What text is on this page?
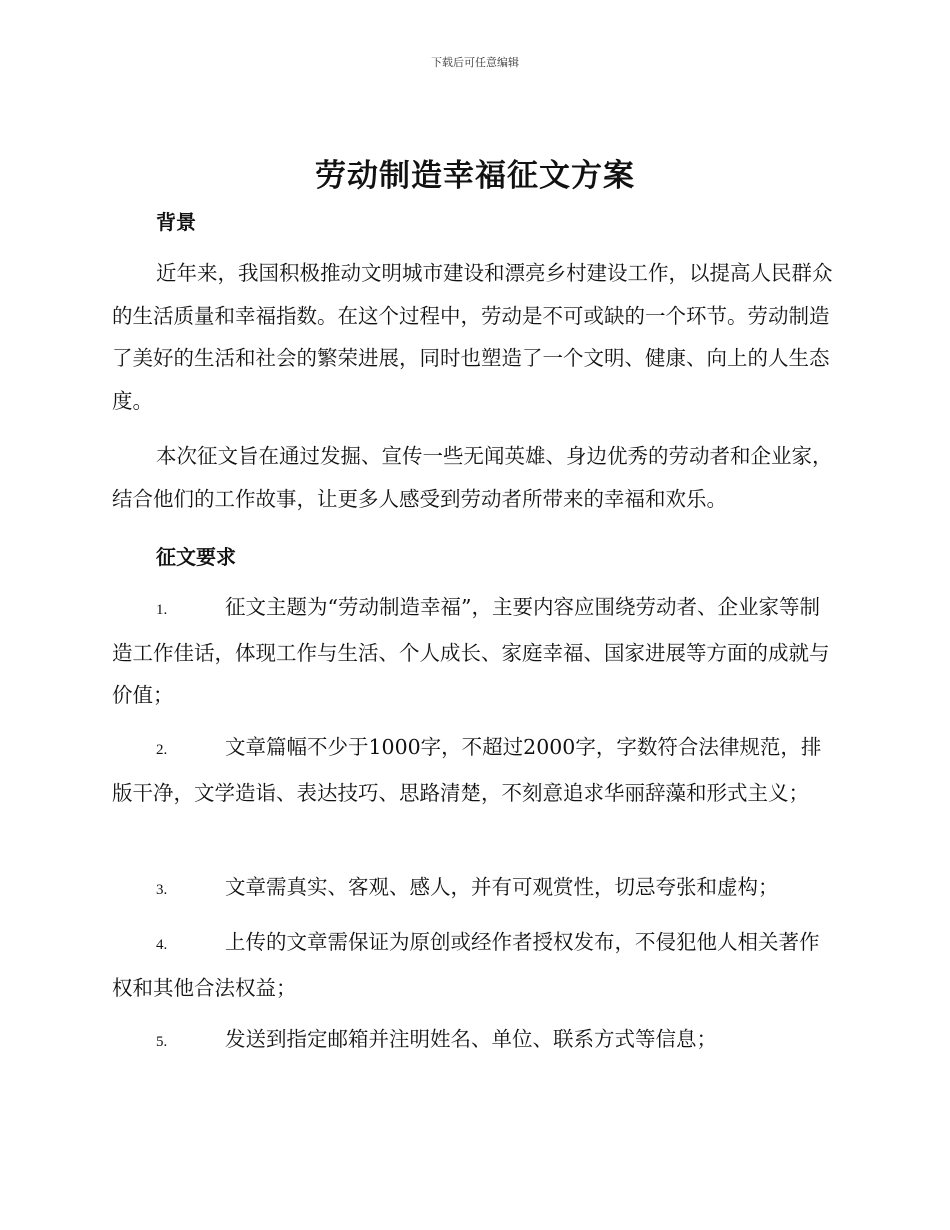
下载后可任意编辑
劳动制造幸福征文方案
背景

近年来，我国积极推动文明城市建设和漂亮乡村建设工作，以提高人民群众的生活质量和幸福指数。在这个过程中，劳动是不可或缺的一个环节。劳动制造了美好的生活和社会的繁荣进展，同时也塑造了一个文明、健康、向上的人生态度。

本次征文旨在通过发掘、宣传一些无闻英雄、身边优秀的劳动者和企业家，结合他们的工作故事，让更多人感受到劳动者所带来的幸福和欢乐。

征文要求
1.	征文主题为“劳动制造幸福”，主要内容应围绕劳动者、企业家等制造工作佳话，体现工作与生活、个人成长、家庭幸福、国家进展等方面的成就与价值；
2.	文章篇幅不少于1000字，不超过2000字，字数符合法律规范，排版干净，文学造诣、表达技巧、思路清楚，不刻意追求华丽辞藻和形式主义；
3.	文章需真实、客观、感人，并有可观赏性，切忌夸张和虚构；
4.	上传的文章需保证为原创或经作者授权发布，不侵犯他人相关著作权和其他合法权益；
5.	发送到指定邮箱并注明姓名、单位、联系方式等信息；
